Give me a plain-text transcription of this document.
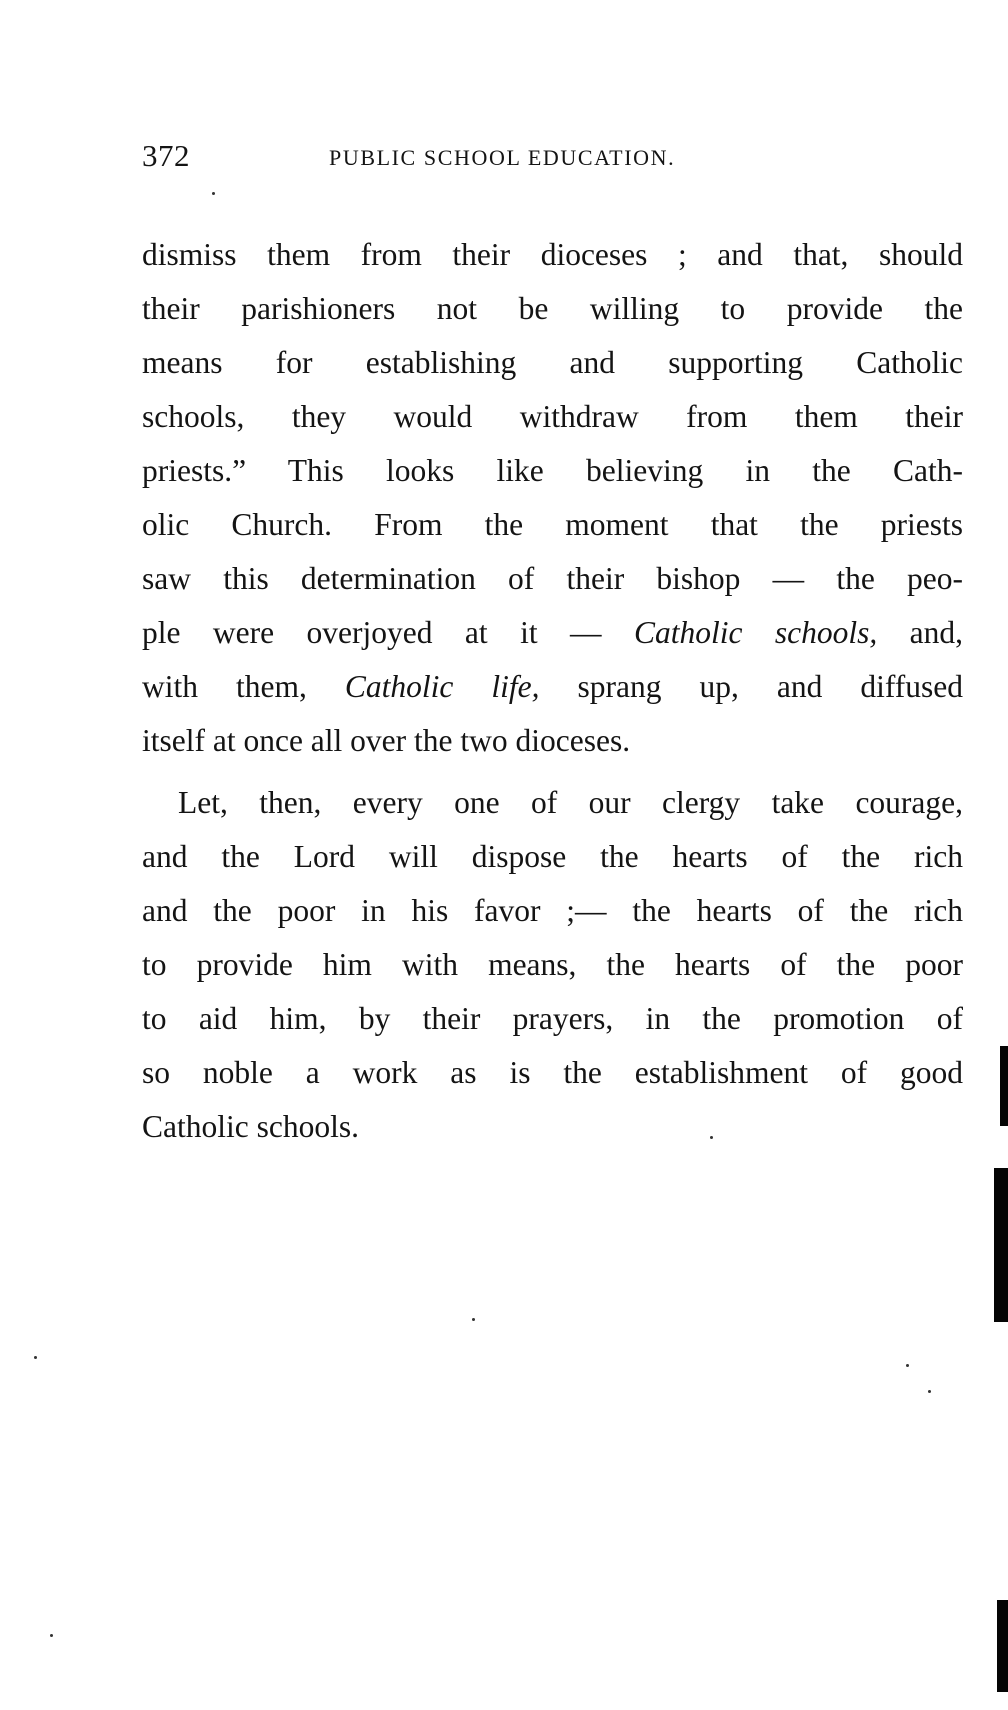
372	PUBLIC SCHOOL EDUCATION.
dismiss them from their dioceses ; and that, should
their parishioners not be willing to provide the
means for establishing and supporting Catholic
schools, they would withdraw from them their
priests.” This looks like believing in the Cath-
olic Church. From the moment that the priests
saw this determination of their bishop — the peo-
ple were overjoyed at it — Catholic schools, and,
with them, Catholic life, sprang up, and diffused
itself at once all over the two dioceses.
Let, then, every one of our clergy take courage,
and the Lord will dispose the hearts of the rich
and the poor in his favor ;— the hearts of the rich
to provide him with means, the hearts of the poor
to aid him, by their prayers, in the promotion of
so noble a work as is the establishment of good
Catholic schools.
